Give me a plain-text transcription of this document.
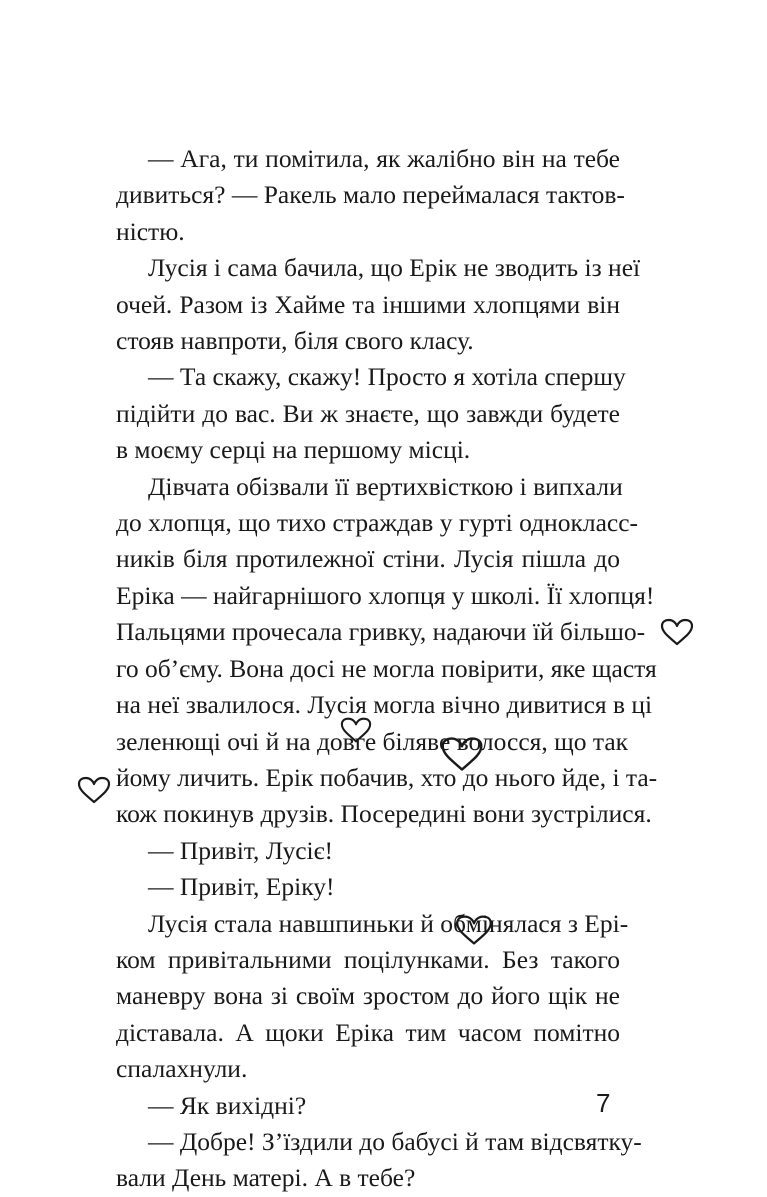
— Ага, ти помітила, як жалібно він на тебе
дивиться? — Ракель мало переймалася тактов-
ністю.
Лусія і сама бачила, що Ерік не зводить із неї
очей. Разом із Хайме та іншими хлопцями він
стояв навпроти, біля свого класу.
— Та скажу, скажу! Просто я хотіла спершу
підійти до вас. Ви ж знаєте, що завжди будете
в моєму серці на першому місці.
Дівчата обізвали її вертихвісткою і випхали
до хлопця, що тихо страждав у гурті однокласс-
ників біля протилежної стіни. Лусія пішла до
Еріка — найгарнішого хлопця у школі. Її хлопця!
Пальцями прочесала гривку, надаючи їй більшо-
го об’єму. Вона досі не могла повірити, яке щастя
на неї звалилося. Лусія могла вічно дивитися в ці
зеленющі очі й на довге біляве волосся, що так
йому личить. Ерік побачив, хто до нього йде, і та-
кож покинув друзів. Посередині вони зустрілися.
— Привіт, Лусіє!
— Привіт, Еріку!
Лусія стала навшпиньки й обмінялася з Ері-
ком привітальними поцілунками. Без такого
маневру вона зі своїм зростом до його щік не
діставала. А щоки Еріка тим часом помітно
спалахнули.
— Як вихідні?
— Добре! З’їздили до бабусі й там відсвятку-
вали День матері. А в тебе?
7
